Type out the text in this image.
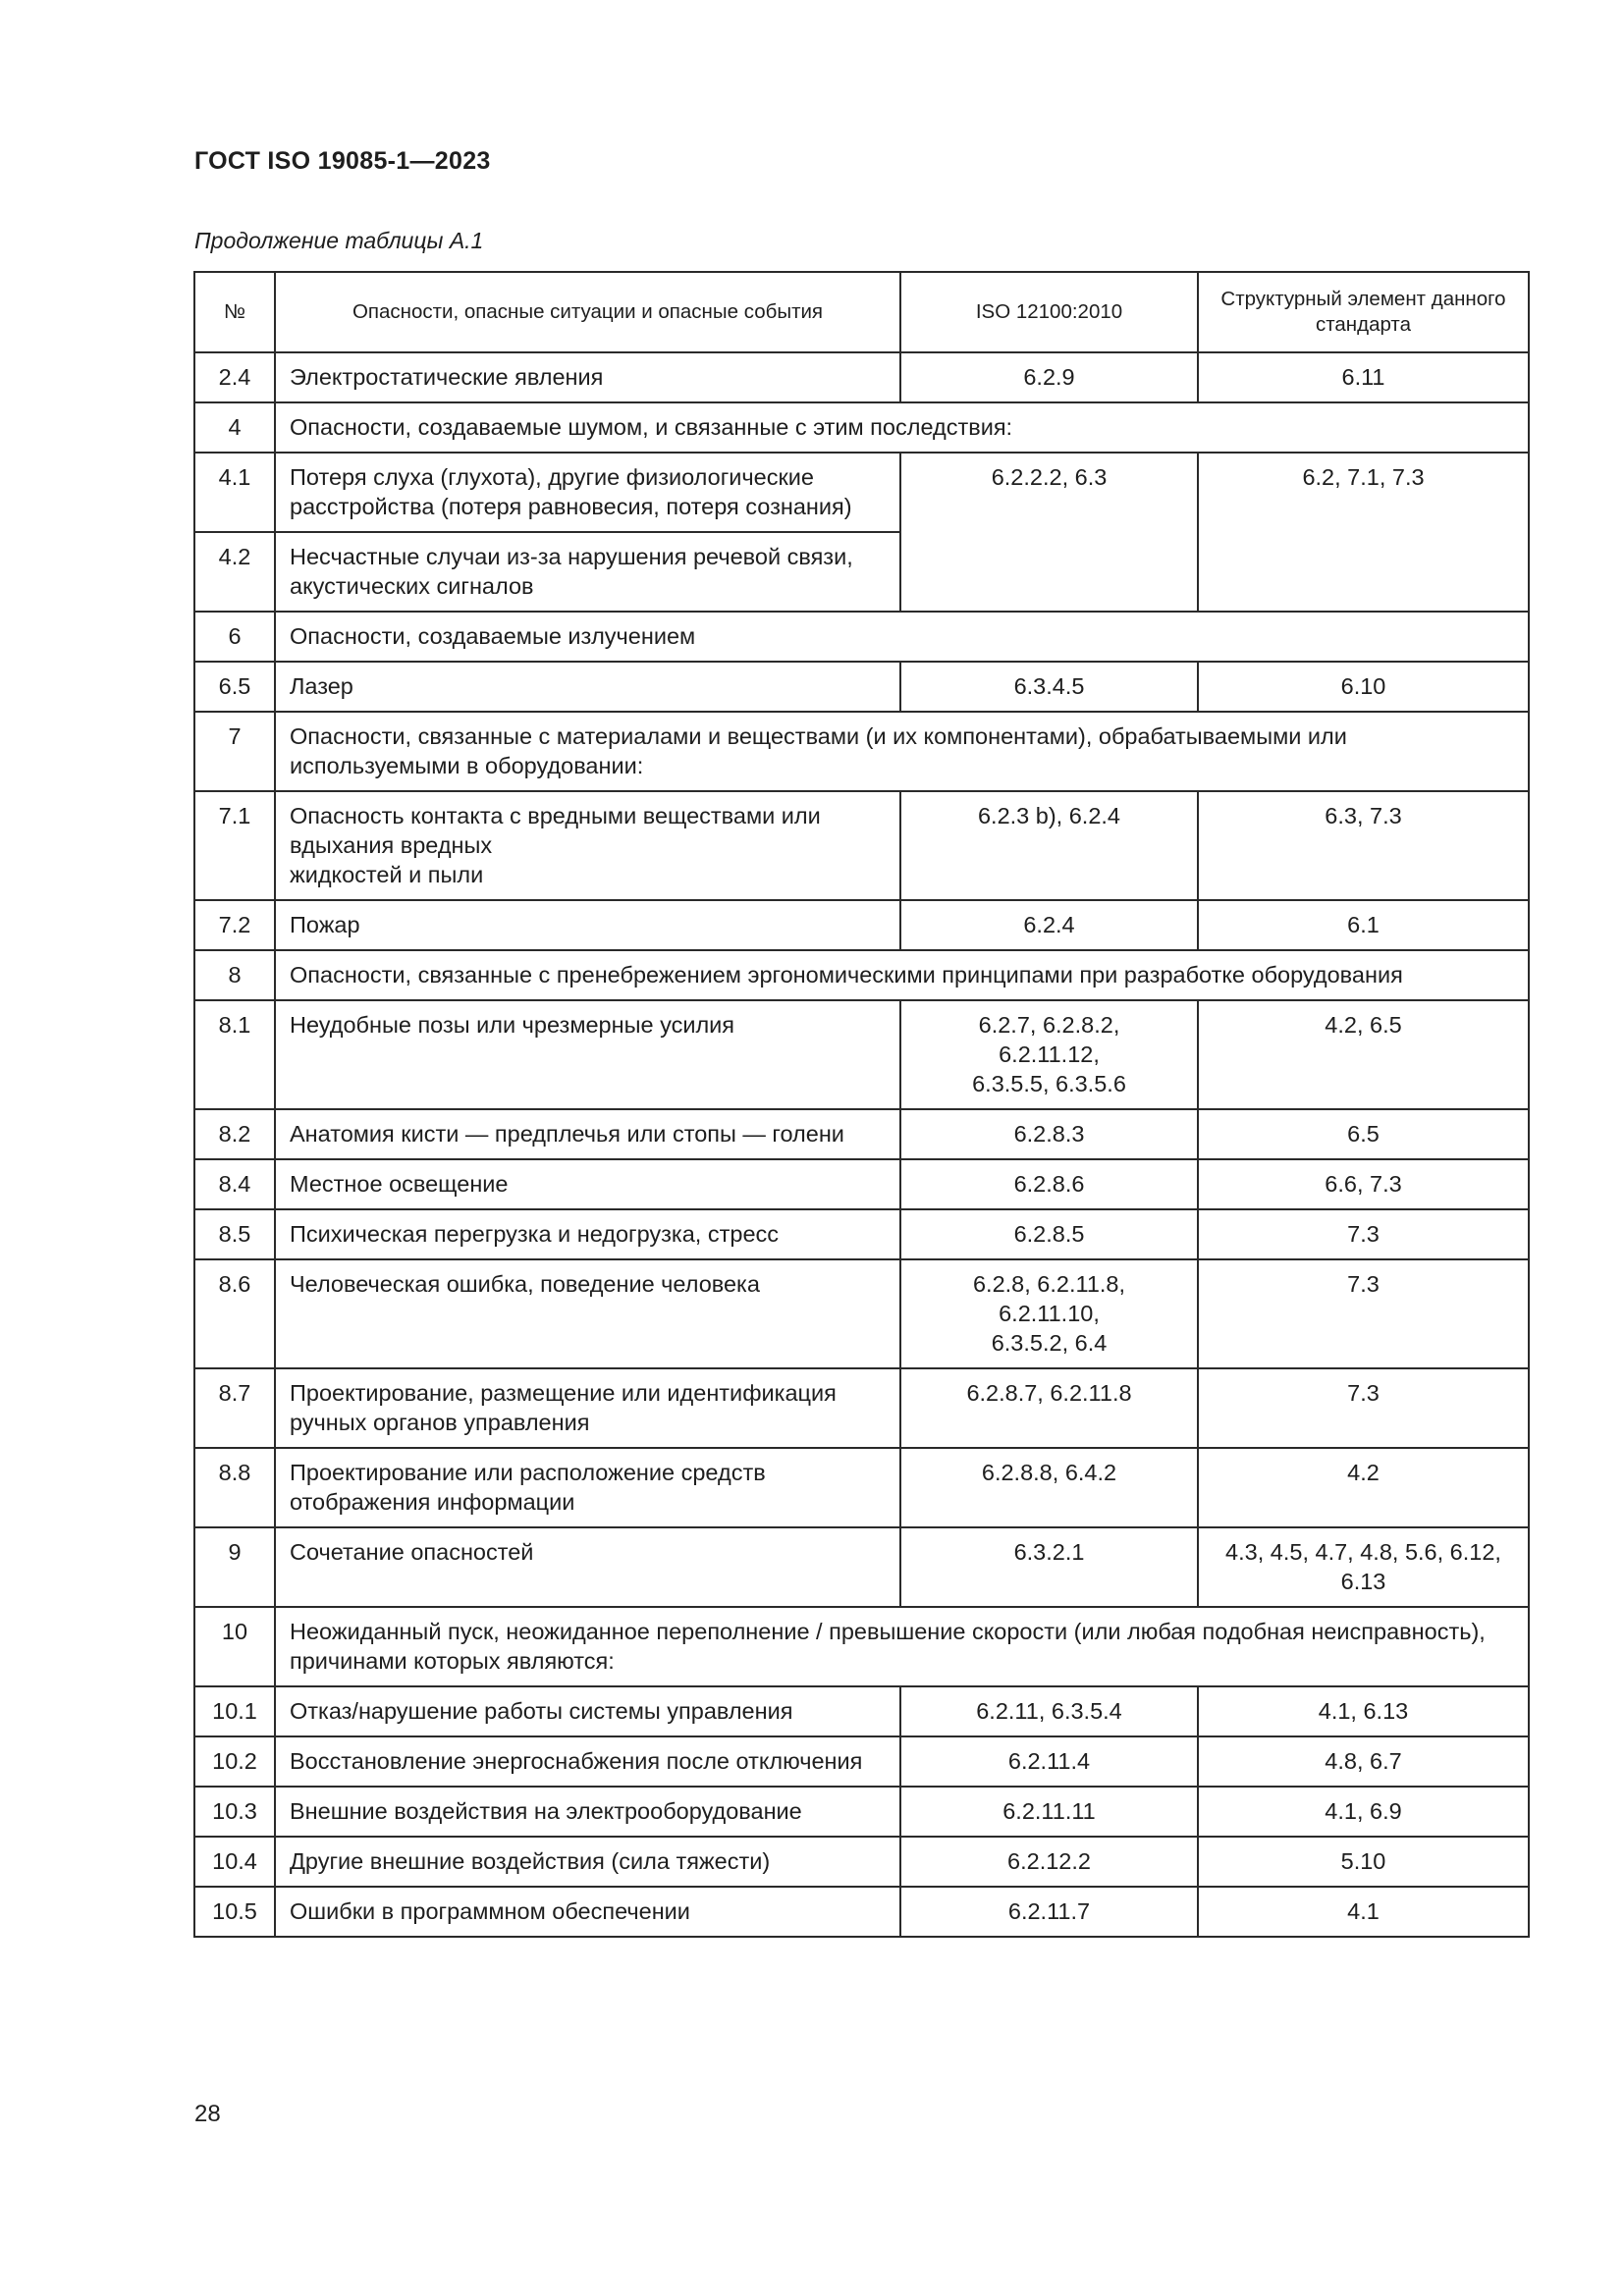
ГОСТ ISO 19085-1—2023
Продолжение таблицы А.1
№	Опасности, опасные ситуации и опасные события	ISO 12100:2010	Структурный элемент данного стандарта
2.4	Электростатические явления	6.2.9	6.11
4	Опасности, создаваемые шумом, и связанные с этим последствия:		
4.1	Потеря слуха (глухота), другие физиологические расстройства (потеря равновесия, потеря сознания)	6.2.2.2, 6.3	6.2, 7.1, 7.3
4.2	Несчастные случаи из-за нарушения речевой связи, акустических сигналов		
6	Опасности, создаваемые излучением		
6.5	Лазер	6.3.4.5	6.10
7	Опасности, связанные с материалами и веществами (и их компонентами), обрабатываемыми или используемыми в оборудовании:		
7.1	Опасность контакта с вредными веществами или вдыхания вредных
жидкостей и пыли	6.2.3 b), 6.2.4	6.3, 7.3
7.2	Пожар	6.2.4	6.1
8	Опасности, связанные с пренебрежением эргономическими принципами при разработке оборудования		
8.1	Неудобные позы или чрезмерные усилия	6.2.7, 6.2.8.2,
6.2.11.12,
6.3.5.5, 6.3.5.6	4.2, 6.5
8.2	Анатомия кисти — предплечья или стопы — голени	6.2.8.3	6.5
8.4	Местное освещение	6.2.8.6	6.6, 7.3
8.5	Психическая перегрузка и недогрузка, стресс	6.2.8.5	7.3
8.6	Человеческая ошибка, поведение человека	6.2.8, 6.2.11.8,
6.2.11.10,
6.3.5.2, 6.4	7.3
8.7	Проектирование, размещение или идентификация ручных органов управления	6.2.8.7, 6.2.11.8	7.3
8.8	Проектирование или расположение средств отображения информации	6.2.8.8, 6.4.2	4.2
9	Сочетание опасностей	6.3.2.1	4.3, 4.5, 4.7, 4.8, 5.6, 6.12, 6.13
10	Неожиданный пуск, неожиданное переполнение / превышение скорости (или любая подобная неисправность), причинами которых являются:		
10.1	Отказ/нарушение работы системы управления	6.2.11, 6.3.5.4	4.1, 6.13
10.2	Восстановление энергоснабжения после отключения	6.2.11.4	4.8, 6.7
10.3	Внешние воздействия на электрооборудование	6.2.11.11	4.1, 6.9
10.4	Другие внешние воздействия (сила тяжести)	6.2.12.2	5.10
10.5	Ошибки в программном обеспечении	6.2.11.7	4.1
28
